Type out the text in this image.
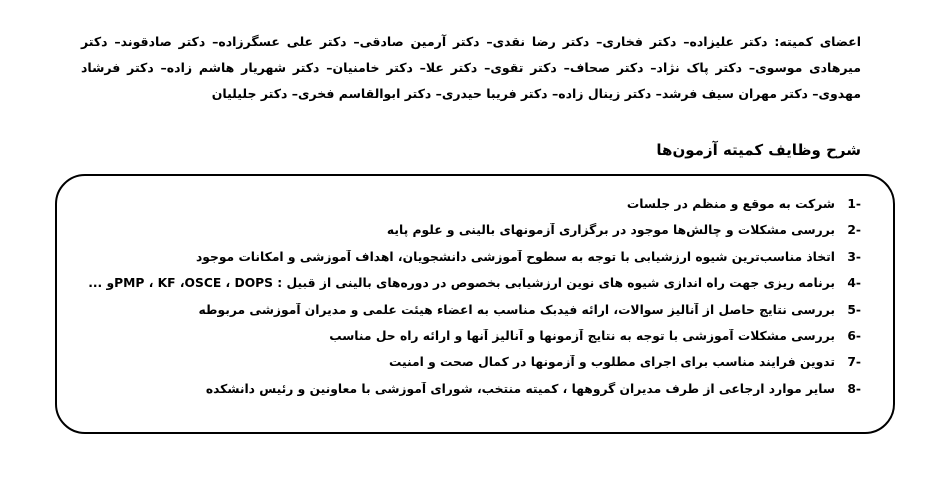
اعضای کمیته: دکتر علیزاده– دکتر فخاری– دکتر رضا نقدی– دکتر آرمین صادقی– دکتر علی عسگرزاده– دکتر صادقوند– دکتر میرهادی موسوی– دکتر پاک نژاد– دکتر صحاف– دکتر تقوی– دکتر علا– دکتر خامنیان– دکتر شهریار هاشم زاده– دکتر فرشاد مهدوی– دکتر مهران سیف فرشد– دکتر زینال زاده– دکتر فریبا حیدری– دکتر ابوالقاسم فخری– دکتر جلیلیان
شرح وظایف کمیته آزمون‌ها
1-
شرکت به موقع و منظم در جلسات
2-
بررسی مشکلات و چالش‌ها موجود در برگزاری آزمونهای بالینی و علوم پایه
3-
اتخاذ مناسب‌ترین شیوه ارزشیابی با توجه به سطوح آموزشی دانشجویان، اهداف آموزشی و امکانات موجود
4-
برنامه ریزی جهت راه اندازی شیوه های نوین ارزشیابی بخصوص در دوره‌های بالینی از قبیل : PMP ، KF ،OSCE ، DOPSو ...
5-
بررسی نتایج حاصل از آنالیز سوالات، ارائه فیدبک مناسب به اعضاء هیئت علمی و مدیران آموزشی مربوطه
6-
بررسی مشکلات آموزشی با توجه به نتایج آزمونها و آنالیز آنها و ارائه راه حل مناسب
7-
تدوین فرایند مناسب برای اجرای مطلوب و آزمونها در کمال صحت و امنیت
8-
سایر موارد ارجاعی از طرف مدیران گروهها ، کمیته منتخب، شورای آموزشی با معاونین و رئیس دانشکده
